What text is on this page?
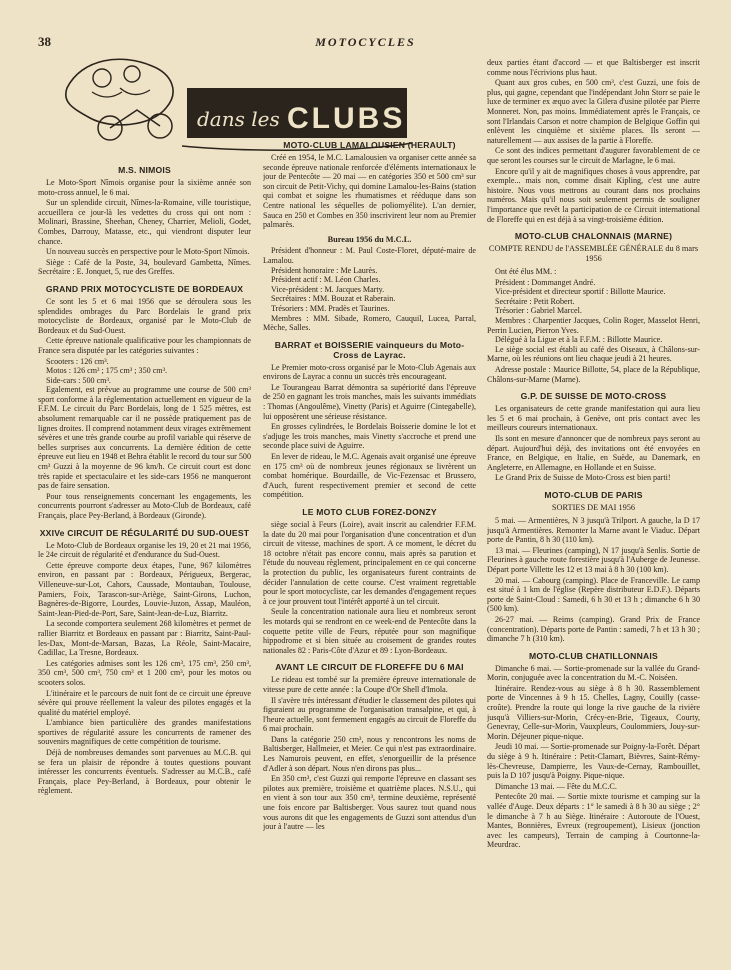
38	MOTOCYCLES
dans les CLUBS
M.S. NIMOIS

Le Moto-Sport Nîmois organise pour la sixième année son moto-cross annuel, le 6 mai.

Sur un splendide circuit, Nîmes-la-Romaine, ville touristique, accueillera ce jour-là les vedettes du cross qui ont nom : Molinari, Brassine, Sheehan, Cheney, Charrier, Melioli, Godet, Combes, Darrouy, Matasse, etc., qui viendront disputer leur chance.

Un nouveau succès en perspective pour le Moto-Sport Nîmois.

Siège : Café de la Poste, 34, boulevard Gambetta, Nîmes. Secrétaire : E. Jonquet, 5, rue des Greffes.

GRAND PRIX MOTOCYCLISTE DE BORDEAUX

Ce sont les 5 et 6 mai 1956 que se déroulera sous les splendides ombrages du Parc Bordelais le grand prix motocycliste de Bordeaux, organisé par le Moto-Club de Bordeaux et du Sud-Ouest.

Cette épreuve nationale qualificative pour les championnats de France sera disputée par les catégories suivantes :

Scooters : 126 cm³.
Motos : 126 cm³ ; 175 cm³ ; 350 cm³.
Side-cars : 500 cm³.

Egalement, est prévue au programme une course de 500 cm³ sport conforme à la réglementation actuellement en vigueur de la F.F.M. Le circuit du Parc Bordelais, long de 1 525 mètres, est absolument remarquable car il ne possède pratiquement pas de lignes droites. Il comprend notamment deux virages extrêmement sévères et une très grande courbe au profil variable qui réserve de belles surprises aux concurrents. La dernière édition de cette épreuve eut lieu en 1948 et Behra établit le record du tour sur 500 cm³ Guzzi à la moyenne de 96 km/h. Ce circuit court est donc très rapide et spectaculaire et les side-cars 1956 ne manqueront pas de faire sensation.

Pour tous renseignements concernant les engagements, les concurrents pourront s'adresser au Moto-Club de Bordeaux, café Français, place Pey-Berland, à Bordeaux (Gironde).

XXIVe CIRCUIT DE RÉGULARITÉ DU SUD-OUEST

Le Moto-Club de Bordeaux organise les 19, 20 et 21 mai 1956, le 24e circuit de régularité et d'endurance du Sud-Ouest.

Cette épreuve comporte deux étapes, l'une, 967 kilomètres environ, en passant par : Bordeaux, Périgueux, Bergerac, Villeneuve-sur-Lot, Cahors, Caussade, Montauban, Toulouse, Pamiers, Foix, Tarascon-sur-Ariège, Saint-Girons, Luchon, Bagnères-de-Bigorre, Lourdes, Louvie-Juzon, Assap, Mauléon, Saint-Jean-Pied-de-Port, Sare, Saint-Jean-de-Luz, Biarritz.

La seconde comportera seulement 268 kilomètres et permet de rallier Biarritz et Bordeaux en passant par : Biarritz, Saint-Paul-les-Dax, Mont-de-Marsan, Bazas, La Réole, Saint-Macaire, Cadillac, La Tresne, Bordeaux.

Les catégories admises sont les 126 cm³, 175 cm³, 250 cm³, 350 cm³, 500 cm³, 750 cm³ et 1 200 cm³, pour les motos ou scooters solos.

L'itinéraire et le parcours de nuit font de ce circuit une épreuve sévère qui prouve réellement la valeur des pilotes engagés et la qualité du matériel employé.

L'ambiance bien particulière des grandes manifestations sportives de régularité assure les concurrents de ramener des souvenirs magnifiques de cette compétition de tourisme.

Déjà de nombreuses demandes sont parvenues au M.C.B. qui se fera un plaisir de répondre à toutes questions pouvant intéresser les concurrents éventuels. S'adresser au M.C.B., café Français, place Pey-Berland, à Bordeaux, pour obtenir le règlement.

MOTO-CLUB LAMALOUSIEN (HERAULT)

Créé en 1954, le M.C. Lamalousien va organiser cette année sa seconde épreuve nationale renforcée d'éléments internationaux le jour de Pentecôte — 20 mai — en catégories 350 et 500 cm³ sur son circuit de Petit-Vichy, qui domine Lamalou-les-Bains (station qui combat et soigne les rhumatismes et rééduque dans son Centre national les séquelles de poliomyélite). L'an dernier, Sauca en 250 et Combes en 350 inscrivirent leur nom au Premier palmarès.

Bureau 1956 du M.C.L.
Président d'honneur : M. Paul Coste-Floret, député-maire de Lamalou.
Président honoraire : Me Laurès.
Président actif : M. Léon Charles.
Vice-président : M. Jacques Marty.
Secrétaires : MM. Bouzat et Raberain.
Trésoriers : MM. Pradès et Taurines.
Membres : MM. Sibade, Romero, Cauquil, Lucea, Parral, Mèche, Salles.
BARRAT et BOISSERIE vainqueurs du Moto-Cross de Layrac.

Le Premier moto-cross organisé par le Moto-Club Agenais aux environs de Layrac a connu un succès très encourageant.

Le Tourangeau Barrat démontra sa supériorité dans l'épreuve de 250 en gagnant les trois manches, mais les suivants immédiats : Thomas (Angoulême), Vinetty (Paris) et Aguirre (Cintegabelle), lui opposèrent une sérieuse résistance.

En grosses cylindrées, le Bordelais Boisserie domine le lot et s'adjuge les trois manches, mais Vinetty s'accroche et prend une seconde place suivi de Aguirre.

En lever de rideau, le M.C. Agenais avait organisé une épreuve en 175 cm³ où de nombreux jeunes régionaux se livrèrent un combat homérique. Bourdaille, de Vic-Fezensac et Brussero, d'Auch, furent respectivement premier et second de cette compétition.

LE MOTO CLUB FOREZ-DONZY

siège social à Feurs (Loire), avait inscrit au calendrier F.F.M. la date du 20 mai pour l'organisation d'une concentration et d'un circuit de vitesse, machines de sport. A ce moment, le décret du 18 octobre n'était pas encore connu, mais après sa parution et l'étude du nouveau règlement, principalement en ce qui concerne la protection du public, les organisateurs furent contraints de décider l'annulation de cette course. C'est vraiment regrettable pour le sport motocycliste, car les demandes d'engagement reçues à ce jour prouvent tout l'intérêt apporté à un tel circuit.

Seule la concentration nationale aura lieu et nombreux seront les motards qui se rendront en ce week-end de Pentecôte dans la coquette petite ville de Feurs, réputée pour son magnifique hippodrome et si bien située au croisement de grandes routes nationales 82 : Paris-Côte d'Azur et 89 : Lyon-Bordeaux.

AVANT LE CIRCUIT DE FLOREFFE DU 6 MAI

Le rideau est tombé sur la première épreuve internationale de vitesse pure de cette année : la Coupe d'Or Shell d'Imola.

Il s'avère très intéressant d'étudier le classement des pilotes qui figuraient au programme de l'organisation transalpine, et qui, à l'heure actuelle, sont fermement engagés au circuit de Floreffe du 6 mai prochain.

Dans la catégorie 250 cm³, nous y rencontrons les noms de Baltisberger, Hallmeier, et Meier. Ce qui n'est pas extraordinaire. Les Namurois peuvent, en effet, s'enorgueillir de la présence d'Adler à son départ. Nous n'en dirons pas plus...

En 350 cm³, c'est Guzzi qui remporte l'épreuve en classant ses pilotes aux première, troisième et quatrième places. N.S.U., qui en vient à son tour aux 350 cm³, termine deuxième, représenté une fois encore par Baltisberger. Vous saurez tout quand nous vous aurons dit que les engagements de Guzzi sont attendus d'un jour à l'autre — les

deux parties étant d'accord — et que Baltisberger est inscrit comme nous l'écrivions plus haut.

Quant aux gros cubes, en 500 cm³, c'est Guzzi, une fois de plus, qui gagne, cependant que l'indépendant John Storr se paie le luxe de terminer ex æquo avec la Gilera d'usine pilotée par Pierre Monneret. Non, pas moins. Immédiatement après le Français, ce sont l'Irlandais Carson et notre champion de Belgique Goffin qui enlèvent les cinquième et sixième places. Ils seront — naturellement — aux assises de la partie à Floreffe.

Ce sont des indices permettant d'augurer favorablement de ce que seront les courses sur le circuit de Marlagne, le 6 mai.

Encore qu'il y ait de magnifiques choses à vous apprendre, par exemple... mais non, comme disait Kipling, c'est une autre histoire. Nous vous mettrons au courant dans nos prochains numéros. Mais qu'il nous soit seulement permis de souligner l'importance que revêt la participation de ce Circuit international de Floreffe qui en est déjà à sa vingt-troisième édition.

MOTO-CLUB CHALONNAIS (MARNE)
COMPTE RENDU de l'ASSEMBLÉE GÉNÉRALE du 8 mars 1956

Ont été élus MM. :

Président : Dommanget André.
Vice-président et directeur sportif : Billotte Maurice.
Secrétaire : Petit Robert.
Trésorier : Gabriel Marcel.
Membres : Charpentier Jacques, Colin Roger, Masselot Henri, Perrin Lucien, Pierron Yves.
Délégué à la Ligue et à la F.F.M. : Billotte Maurice.

Le siège social est établi au café des Oiseaux, à Châlons-sur-Marne, où les réunions ont lieu chaque jeudi à 21 heures.

Adresse postale : Maurice Billotte, 54, place de la République, Châlons-sur-Marne (Marne).

G.P. DE SUISSE DE MOTO-CROSS

Les organisateurs de cette grande manifestation qui aura lieu les 5 et 6 mai prochain, à Genève, ont pris contact avec les meilleurs coureurs internationaux.

Ils sont en mesure d'annoncer que de nombreux pays seront au départ. Aujourd'hui déjà, des invitations ont été envoyées en France, en Belgique, en Italie, en Suède, au Danemark, en Angleterre, en Allemagne, en Hollande et en Suisse.

Le Grand Prix de Suisse de Moto-Cross est bien parti!

MOTO-CLUB DE PARIS
SORTIES DE MAI 1956

5 mai. — Armentières, N 3 jusqu'à Trilport. A gauche, la D 17 jusqu'à Armentières. Remonter la Marne avant le Viaduc. Départ porte de Pantin, 8 h 30 (110 km).

13 mai. — Fleurines (camping), N 17 jusqu'à Senlis. Sortie de Fleurines à gauche route forestière jusqu'à l'Auberge de Jeunesse. Départ porte Villette les 12 et 13 mai à 8 h 30 (100 km).

20 mai. — Cabourg (camping). Place de Franceville. Le camp est situé à 1 km de l'église (Repère distributeur E.D.F.). Départs porte de Saint-Cloud : Samedi, 6 h 30 et 13 h ; dimanche 6 h 30 (500 km).

26-27 mai. — Reims (camping). Grand Prix de France (concentration). Départs porte de Pantin : samedi, 7 h et 13 h 30 ; dimanche 7 h (310 km).

MOTO-CLUB CHATILLONNAIS

Dimanche 6 mai. — Sortie-promenade sur la vallée du Grand-Morin, conjuguée avec la concentration du M.-C. Noiséen.

Itinéraire. Rendez-vous au siège à 8 h 30. Rassemblement porte de Vincennes à 9 h 15. Chelles, Lagny, Couilly (casse-croûte). Prendre la route qui longe la rive gauche de la rivière jusqu'à Villiers-sur-Morin, Crécy-en-Brie, Tigeaux, Courty, Genevray, Celle-sur-Morin, Vauxpleurs, Coulommiers, Jouy-sur-Morin. Déjeuner pique-nique.

Jeudi 10 mai. — Sortie-promenade sur Poigny-la-Forêt. Départ du siège à 9 h. Itinéraire : Petit-Clamart, Bièvres, Saint-Rémy-lès-Chevreuse, Dampierre, les Vaux-de-Cernay, Rambouillet, puis la D 107 jusqu'à Poigny. Pique-nique.

Dimanche 13 mai. — Fête du M.C.C.

Pentecôte 20 mai. — Sortie mixte tourisme et camping sur la vallée d'Auge. Deux départs : 1° le samedi à 8 h 30 au siège ; 2° le dimanche à 7 h au Siège. Itinéraire : Autoroute de l'Ouest, Mantes, Bonnières, Evreux (regroupement), Lisieux (jonction avec les campeurs), Terrain de camping à Courtonne-la-Meurdrac.
